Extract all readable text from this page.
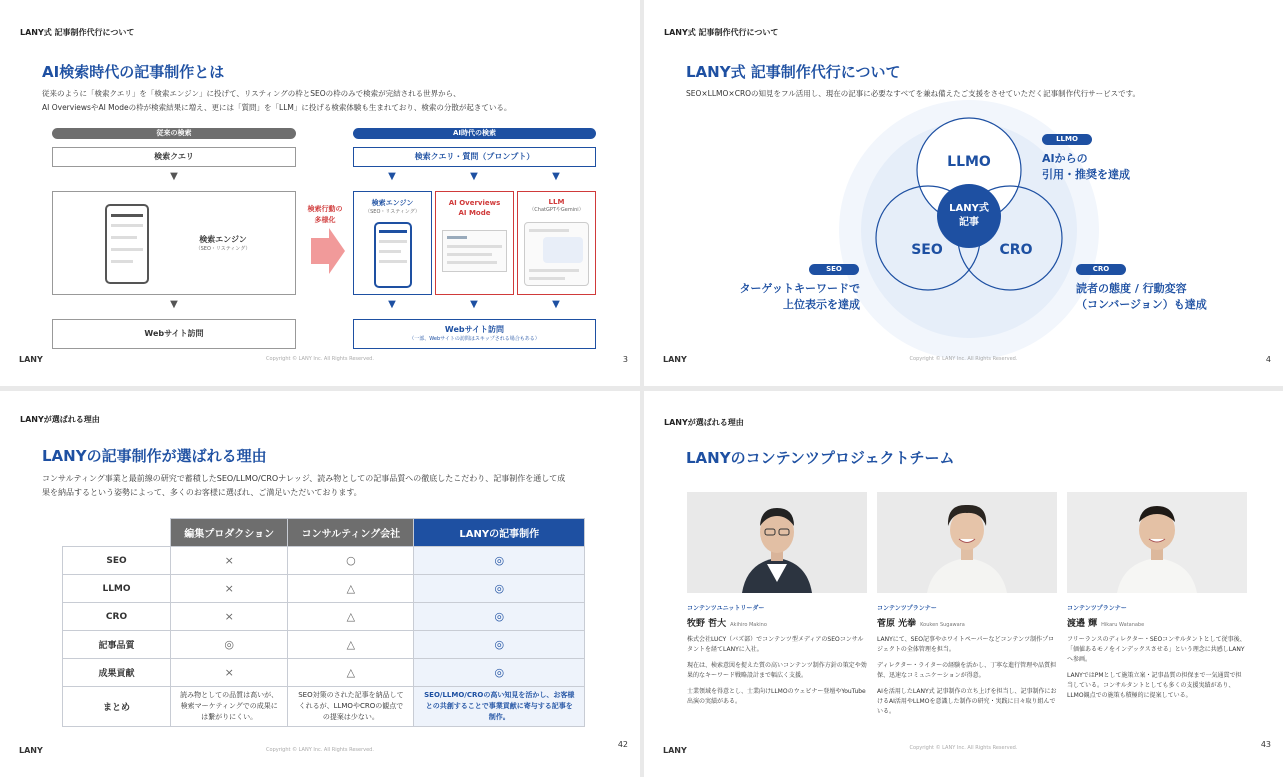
LANY式 記事制作代行について
AI検索時代の記事制作とは
従来のように「検索クエリ」を「検索エンジン」に投げて、リスティングの枠とSEOの枠のみで検索が完結される世界から、
AI OverviewsやAI Modeの枠が検索結果に増え、更には「質問」を「LLM」に投げる検索体験も生まれており、検索の分散が起きている。
従来の検索
検索クエリ
▼
検索エンジン
（SEO・リスティング）
▼
Webサイト訪問
検索行動の
多様化
AI時代の検索
検索クエリ・質問（プロンプト）
▼	▼	▼
検索エンジン
（SEO・リスティング）
AI Overviews
AI Mode
LLM
（ChatGPTやGemini）
▼	▼	▼
Webサイト訪問
（一部、Webサイトの訪問はスキップされる場合もある）
LANY	Copyright © LANY Inc. All Rights Reserved.	3
LANY式 記事制作代行について
LANY式 記事制作代行について
SEO×LLMO×CROの知見をフル活用し、現在の記事に必要なすべてを兼ね備えたご支援をさせていただく記事制作代行サービスです。
LLMO
SEO	CRO
LANY式
記事
LLMO
AIからの
引用・推奨を達成
SEO
ターゲットキーワードで
上位表示を達成
CRO
読者の態度 / 行動変容
（コンバージョン）も達成
LANY	Copyright © LANY Inc. All Rights Reserved.	4
LANYが選ばれる理由
LANYの記事制作が選ばれる理由
コンサルティング事業と最前線の研究で蓄積したSEO/LLMO/CROナレッジ、読み物としての記事品質への徹底したこだわり、記事制作を通して成
果を納品するという姿勢によって、多くのお客様に選ばれ、ご満足いただいております。
	編集プロダクション	コンサルティング会社	LANYの記事制作
SEO	×	○	◎
LLMO	×	△	◎
CRO	×	△	◎
記事品質	◎	△	◎
成果貢献	×	△	◎
まとめ	読み物としての品質は高いが、検索マーケティングでの成果には繋がりにくい。	SEO対策のされた記事を納品してくれるが、LLMOやCROの観点での提案は少ない。	SEO/LLMO/CROの高い知見を活かし、お客様との共創することで事業貢献に寄与する記事を制作。
LANY	Copyright © LANY Inc. All Rights Reserved.
42
LANYが選ばれる理由
LANYのコンテンツプロジェクトチーム
コンテンツユニットリーダー
牧野 哲大 Akihiro Makino

株式会社LUCY（バズ部）でコンテンツ型メディアのSEOコンサルタントを経てLANYに入社。

現在は、検索意図を捉えた質の高いコンテンツ制作方針の策定や効果的なキーワード戦略設計まで幅広く支援。

士業領域を得意とし、士業向けLLMOのウェビナー登壇やYouTube出演の実績がある。

コンテンツプランナー
菅原 光拳 Kouken Sugawara

LANYにて、SEO記事やホワイトペーパーなどコンテンツ制作プロジェクトの全体管理を担当。

ディレクター・ライターの経験を活かし、丁寧な進行管理や品質担保、迅速なコミュニケーションが得意。

AIを活用したLANY式 記事制作の立ち上げを担当し、記事制作におけるAI活用やLLMOを意識した制作の研究・実践に日々取り組んでいる。

コンテンツプランナー
渡邉 輝 Hikaru Watanabe

フリーランスのディレクター・SEOコンサルタントとして従事後、「価値あるモノをインデックスさせる」という理念に共感しLANYへ参画。

LANYではPMとして施策立案・記事品質の担保まで一気通貫で担当している。コンサルタントとしても多くの支援実績があり、LLMO観点での施策も積極的に提案している。

LANY	Copyright © LANY Inc. All Rights Reserved.	43
